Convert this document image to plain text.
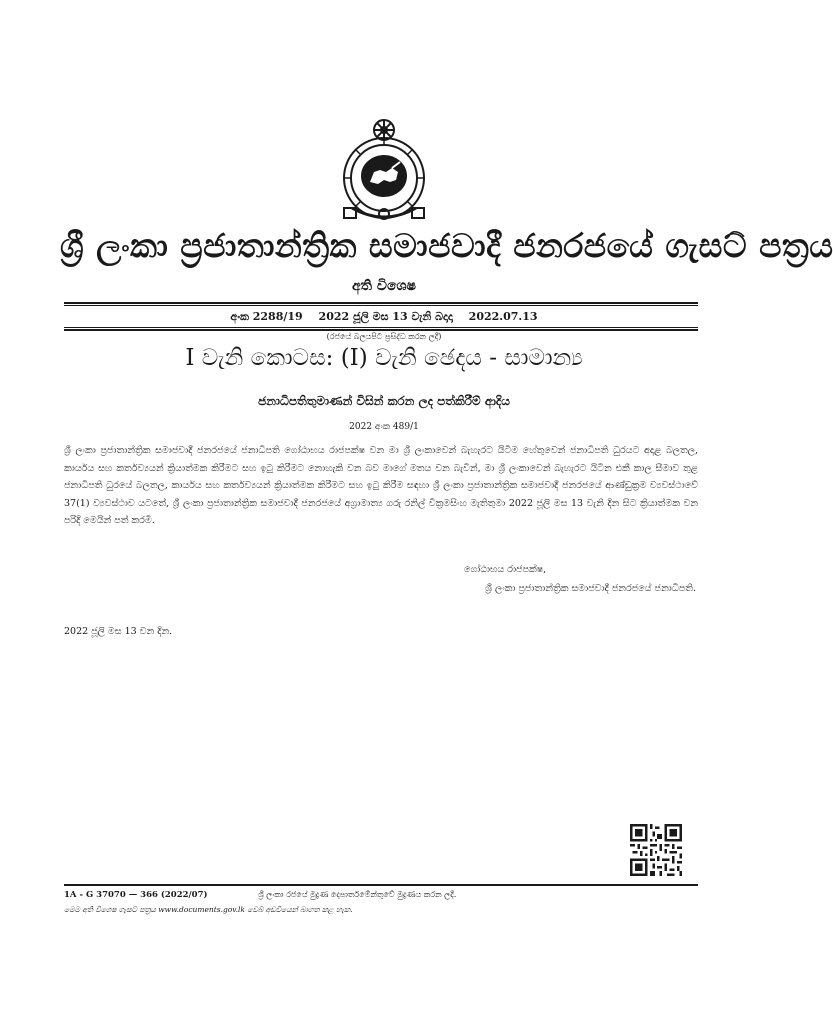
ශ්‍රී ලංකා ප්‍රජාතාන්ත්‍රික සමාජවාදී ජනරජයේ ගැසට් පත්‍රය
අති විශෙෂ
අංක 2288/19 2022 ජූලි මස 13 වැනි බදාදා 2022.07.13
(රජයේ බලයපිට ප්‍රසිද්ධ කරන ලදී)
I වැනි කොටස: (I) වැනි ඡෙදය - සාමාන්‍ය
ජනාධිපතිතුමාණන් විසින් කරන ලද පත්කිරීම් ආදිය
2022 අංක 489/1

ශ්‍රී ලංකා ප්‍රජාතාන්ත්‍රික සමාජවාදී ජනරජයේ ජනාධිපති ගෝඨාභය රාජපක්ෂ වන මා ශ්‍රී ලංකාවෙන් බැහැරට යිටීම හේතුවෙන් ජනාධිපති ධුරයට අදාළ බලතල, කාර්යය සහ කර්තව්‍යයන් ක්‍රියාත්මක කිරීමට සහ ඉටු කිරීමට නොහැකි වන බව මාගේ මතය වන බැවින්, මා ශ්‍රී ලංකාවෙන් බැහැරට යිටින එකී කාල සීමාව තුළ ජනාධිපති ධුරයේ බලතල, කාර්යය සහ කර්තව්‍යයන් ක්‍රියාත්මක කිරීමට සහ ඉටු කිරීම සඳහා ශ්‍රී ලංකා ප්‍රජාතාන්ත්‍රික සමාජවාදී ජනරජයේ ආණ්ඩුක්‍රම ව්‍යවස්ථාවේ 37(1) ව්‍යවස්ථාව යටතේ, ශ්‍රී ලංකා ප්‍රජාතාන්ත්‍රික සමාජවාදී ජනරජයේ අග්‍රාමාත්‍ය ගරු රනිල් වික්‍රමසිංහ මැතිතුමා 2022 ජූලි මස 13 වැනි දින සිට ක්‍රියාත්මක වන පරිදි මෙයින් පත් කරමි.

ගෝඨාභය රාජපක්ෂ,
ශ්‍රී ලංකා ප්‍රජාතාන්ත්‍රික සමාජවාදී ජනරජයේ ජනාධිපති.
2022 ජූලි මස 13 වන දින.
1A - G 37070 — 366 (2022/07)	ශ්‍රී ලංකා රජයේ මුද්‍රණ දෙපාර්තමේන්තුවේ මුද්‍රණය කරන ලදී.
මෙම අති විශෙෂ ගැසට් පත්‍රය www.documents.gov.lk වෙබ් අඩවියෙන් බාගත කළ හැක.
